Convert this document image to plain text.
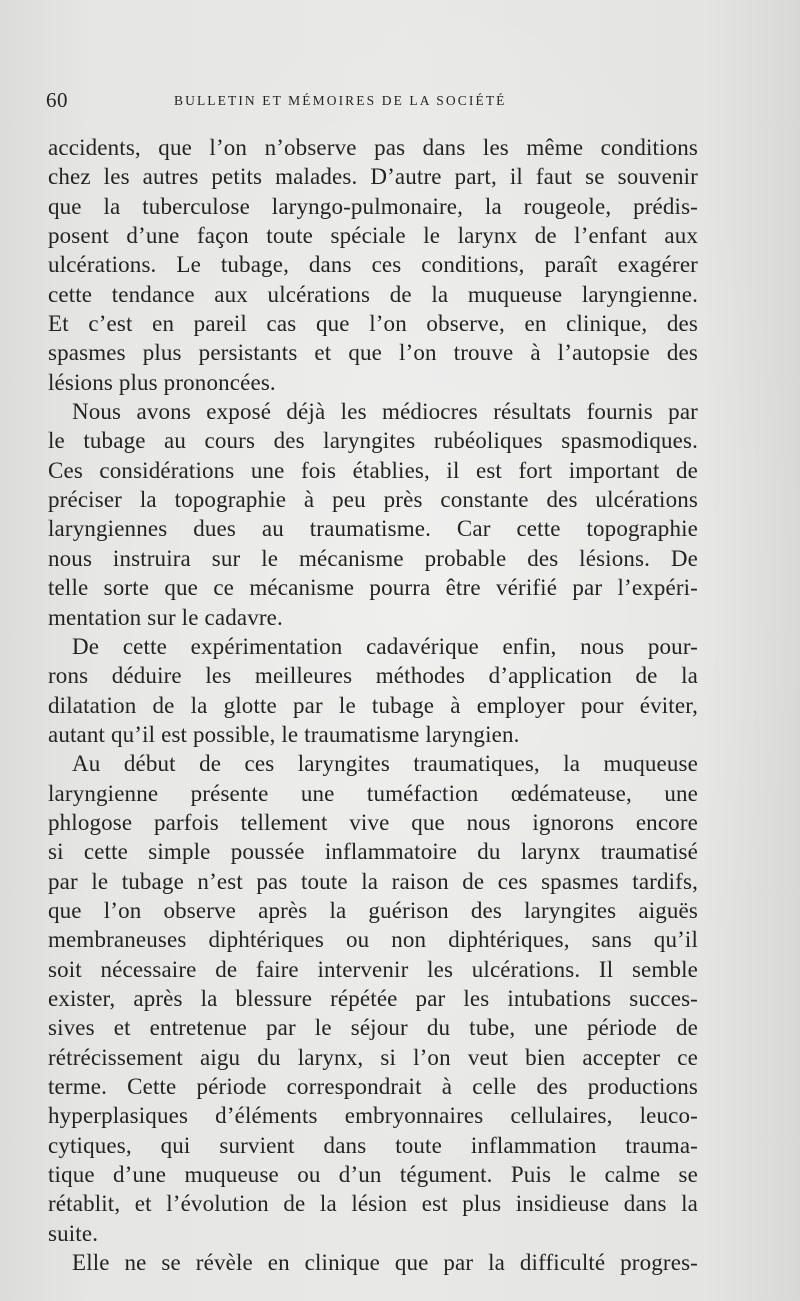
60	BULLETIN ET MÉMOIRES DE LA SOCIÉTÉ

accidents, que l’on n’observe pas dans les même conditions
chez les autres petits malades. D’autre part, il faut se souvenir
que la tuberculose laryngo-pulmonaire, la rougeole, prédis-
posent d’une façon toute spéciale le larynx de l’enfant aux
ulcérations. Le tubage, dans ces conditions, paraît exagérer
cette tendance aux ulcérations de la muqueuse laryngienne.
Et c’est en pareil cas que l’on observe, en clinique, des
spasmes plus persistants et que l’on trouve à l’autopsie des
lésions plus prononcées.

Nous avons exposé déjà les médiocres résultats fournis par
le tubage au cours des laryngites rubéoliques spasmodiques.
Ces considérations une fois établies, il est fort important de
préciser la topographie à peu près constante des ulcérations
laryngiennes dues au traumatisme. Car cette topographie
nous instruira sur le mécanisme probable des lésions. De
telle sorte que ce mécanisme pourra être vérifié par l’expéri-
mentation sur le cadavre.

De cette expérimentation cadavérique enfin, nous pour-
rons déduire les meilleures méthodes d’application de la
dilatation de la glotte par le tubage à employer pour éviter,
autant qu’il est possible, le traumatisme laryngien.

Au début de ces laryngites traumatiques, la muqueuse
laryngienne présente une tuméfaction œdémateuse, une
phlogose parfois tellement vive que nous ignorons encore
si cette simple poussée inflammatoire du larynx traumatisé
par le tubage n’est pas toute la raison de ces spasmes tardifs,
que l’on observe après la guérison des laryngites aiguës
membraneuses diphtériques ou non diphtériques, sans qu’il
soit nécessaire de faire intervenir les ulcérations. Il semble
exister, après la blessure répétée par les intubations succes-
sives et entretenue par le séjour du tube, une période de
rétrécissement aigu du larynx, si l’on veut bien accepter ce
terme. Cette période correspondrait à celle des productions
hyperplasiques d’éléments embryonnaires cellulaires, leuco-
cytiques, qui survient dans toute inflammation trauma-
tique d’une muqueuse ou d’un tégument. Puis le calme se
rétablit, et l’évolution de la lésion est plus insidieuse dans la
suite.

Elle ne se révèle en clinique que par la difficulté progres-
